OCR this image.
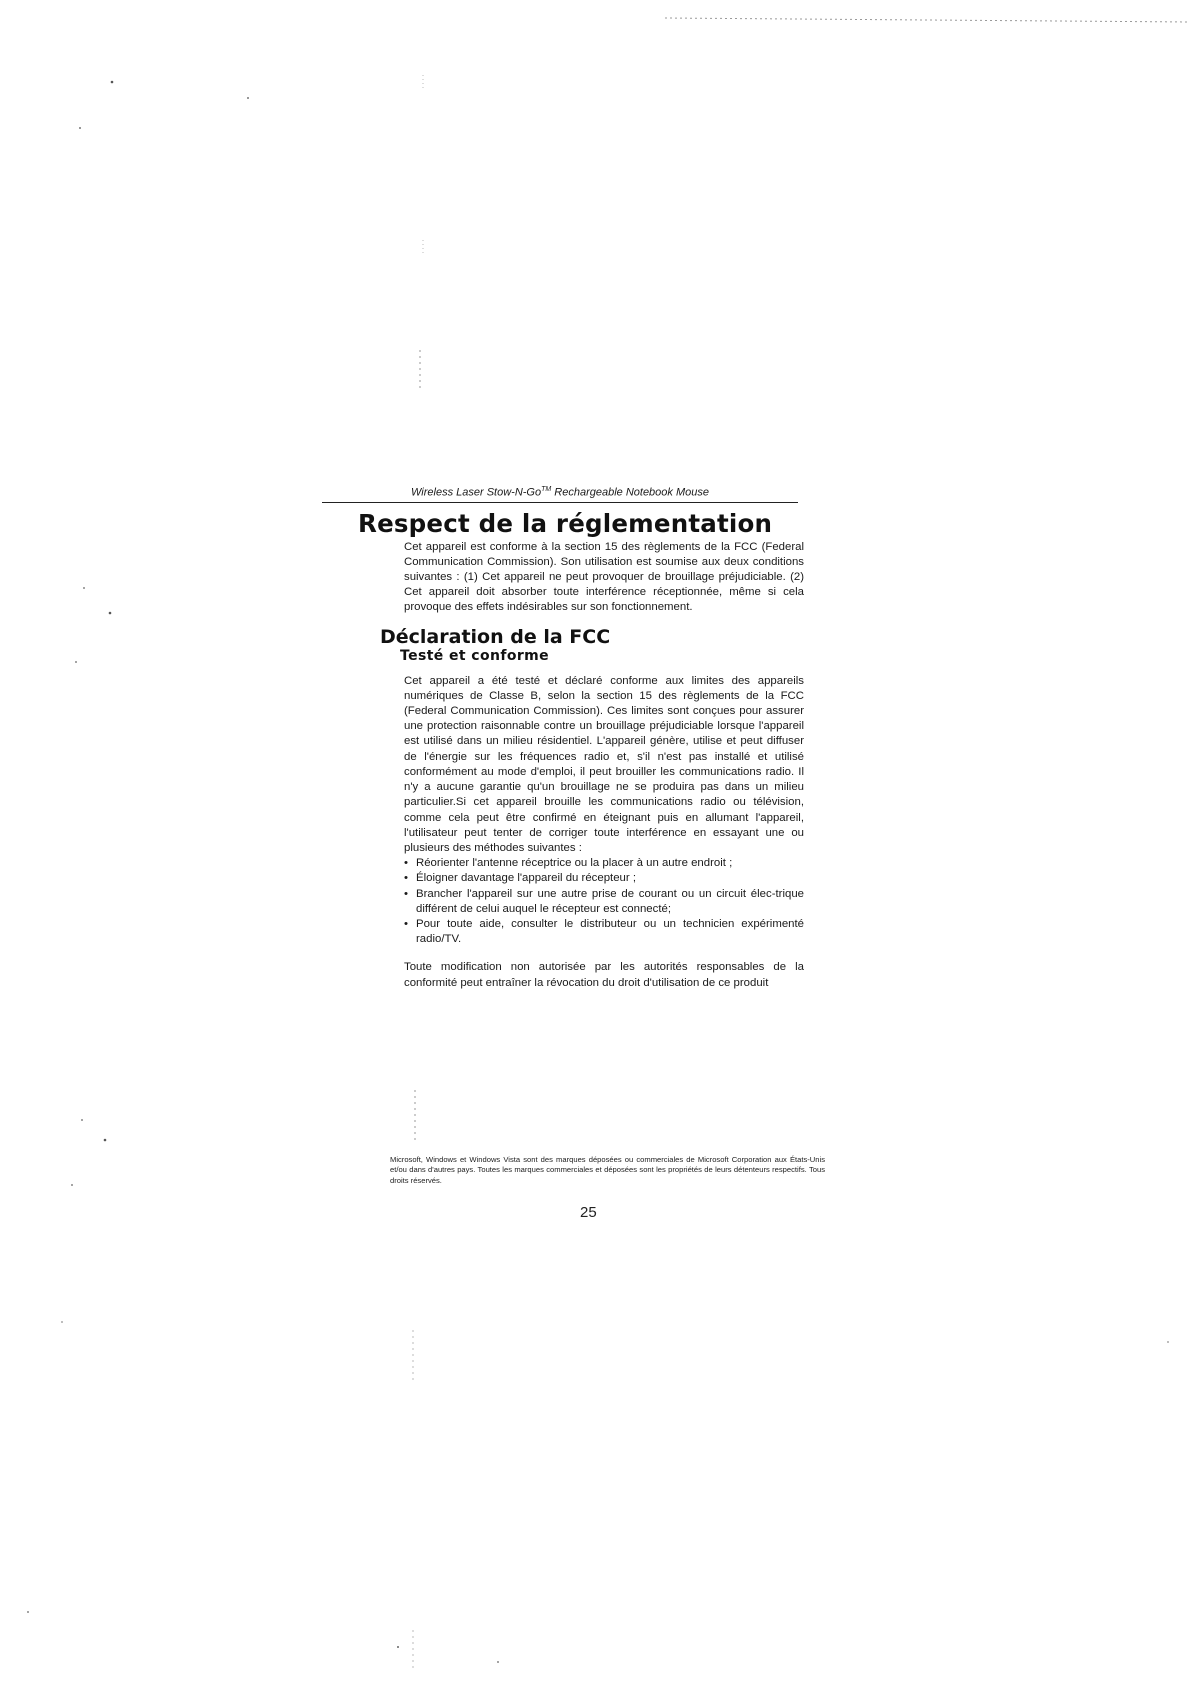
Wireless Laser Stow-N-Go™ Rechargeable Notebook Mouse
Respect de la réglementation

Cet appareil est conforme à la section 15 des règlements de la FCC (Federal Communication Commission). Son utilisation est soumise aux deux conditions suivantes : (1) Cet appareil ne peut provoquer de brouillage préjudiciable. (2) Cet appareil doit absorber toute interférence réceptionnée, même si cela provoque des effets indésirables sur son fonctionnement.

Déclaration de la FCC
Testé et conforme

Cet appareil a été testé et déclaré conforme aux limites des appareils numériques de Classe B, selon la section 15 des règlements de la FCC (Federal Communication Commission). Ces limites sont conçues pour assurer une protection raisonnable contre un brouillage préjudiciable lorsque l'appareil est utilisé dans un milieu résidentiel. L'appareil génère, utilise et peut diffuser de l'énergie sur les fréquences radio et, s'il n'est pas installé et utilisé conformément au mode d'emploi, il peut brouiller les communications radio. Il n'y a aucune garantie qu'un brouillage ne se produira pas dans un milieu particulier.Si cet appareil brouille les communications radio ou télévision, comme cela peut être confirmé en éteignant puis en allumant l'appareil, l'utilisateur peut tenter de corriger toute interférence en essayant une ou plusieurs des méthodes suivantes :

• Réorienter l'antenne réceptrice ou la placer à un autre endroit ;
• Éloigner davantage l'appareil du récepteur ;
• Brancher l'appareil sur une autre prise de courant ou un circuit élec-trique différent de celui auquel le récepteur est connecté;
• Pour toute aide, consulter le distributeur ou un technicien expérimenté radio/TV.

Toute modification non autorisée par les autorités responsables de la conformité peut entraîner la révocation du droit d'utilisation de ce produit

Microsoft, Windows et Windows Vista sont des marques déposées ou commerciales de Microsoft Corporation aux États-Unis et/ou dans d'autres pays. Toutes les marques commerciales et déposées sont les propriétés de leurs détenteurs respectifs. Tous droits réservés.
25
